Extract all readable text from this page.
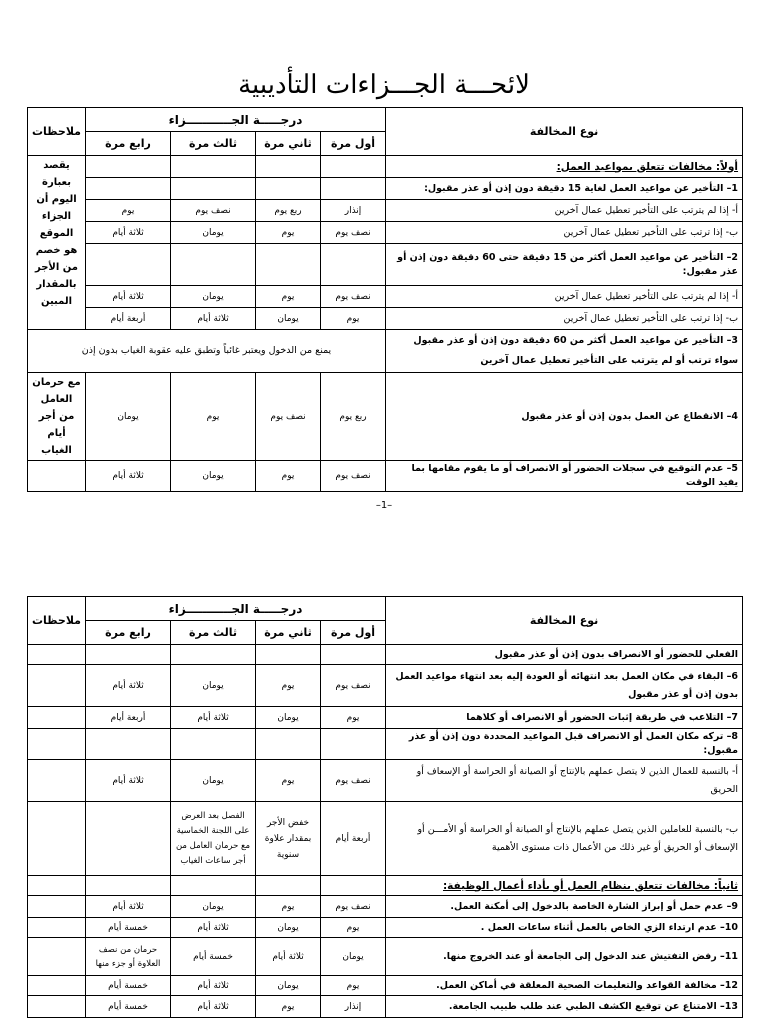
لائحـــة الجـــزاءات التأديبية
نوع المخالفة	درجـــــة الجـــــــــــزاء				ملاحظات
	أول مرة	ثاني مرة	ثالث مرة	رابع مرة	
أولاً: مخالفات تتعلق بمواعيد العمل:					يقصد بعبارة اليوم أن الجزاء الموقع هو خصم من الأجر بالمقدار المبين
1– التأخير عن مواعيد العمل لغاية 15 دقيقة دون إذن أو عذر مقبول:					
أ- إذا لم يترتب على التأخير تعطيل عمال آخرين	إنذار	ربع يوم	نصف يوم	يوم	
ب- إذا ترتب على التأخير تعطيل عمال آخرين	نصف يوم	يوم	يومان	ثلاثة أيام	
2– التأخير عن مواعيد العمل أكثر من 15 دقيقة حتى 60 دقيقة دون إذن أو عذر مقبول:					
أ- إذا لم يترتب على التأخير تعطيل عمال آخرين	نصف يوم	يوم	يومان	ثلاثة أيام	
ب- إذا ترتب على التأخير تعطيل عمال آخرين	يوم	يومان	ثلاثة أيام	أربعة أيام	
3– التأخير عن مواعيد العمل أكثر من 60 دقيقة دون إذن أو عذر مقبول سواء ترتب أو لم يترتب على التأخير تعطيل عمال آخرين	يمنع من الدخول ويعتبر غائباً وتطبق عليه عقوبة الغياب بدون إذن				
4– الانقطاع عن العمل بدون إذن أو عذر مقبول	ربع يوم	نصف يوم	يوم	يومان	مع حرمان العامل من أجر أيام الغياب
5– عدم التوقيع في سجلات الحضور أو الانصراف أو ما يقوم مقامها بما يفيد الوقت	نصف يوم	يوم	يومان	ثلاثة أيام	
–1–
نوع المخالفة	درجـــــة الجـــــــــــزاء				ملاحظات
	أول مرة	ثاني مرة	ثالث مرة	رابع مرة	
الفعلي للحضور أو الانصراف بدون إذن أو عذر مقبول					
6– البقاء في مكان العمل بعد انتهائه أو العودة إليه بعد انتهاء مواعيد العمل بدون إذن أو عذر مقبول	نصف يوم	يوم	يومان	ثلاثة أيام	
7– التلاعب في طريقة إثبات الحضور أو الانصراف أو كلاهما	يوم	يومان	ثلاثة أيام	أربعة أيام	
8– تركه مكان العمل أو الانصراف قبل المواعيد المحددة دون إذن أو عذر مقبول:					
أ- بالنسبة للعمال الذين لا يتصل عملهم بالإنتاج أو الصيانة أو الحراسة أو الإسعاف أو الحريق	نصف يوم	يوم	يومان	ثلاثة أيام	
ب- بالنسبة للعاملين الذين يتصل عملهم بالإنتاج أو الصيانة أو الحراسة أو الأمـــن أو الإسعاف أو الحريق أو غير ذلك من الأعمال ذات مستوى الأهمية	أربعة أيام	خفض الأجر بمقدار علاوة سنوية	الفصل بعد العرض على اللجنة الخماسية مع حرمان العامل من أجر ساعات الغياب		
ثانياً: مخالفات تتعلق بنظام العمل أو بأداء أعمال الوظيفة:					
9– عدم حمل أو إبراز الشارة الخاصة بالدخول إلى أمكنة العمل.	نصف يوم	يوم	يومان	ثلاثة أيام	
10– عدم ارتداء الزي الخاص بالعمل أثناء ساعات العمل .	يوم	يومان	ثلاثة أيام	خمسة أيام	
11– رفض التفتيش عند الدخول إلى الجامعة أو عند الخروج منها.	يومان	ثلاثة أيام	خمسة أيام	حرمان من نصف العلاوة أو جزء منها	
12– مخالفة القواعد والتعليمات الصحية المعلقة في أماكن العمل.	يوم	يومان	ثلاثة أيام	خمسة أيام	
13– الامتناع عن توقيع الكشف الطبي عند طلب طبيب الجامعة.	إنذار	يوم	ثلاثة أيام	خمسة أيام	
